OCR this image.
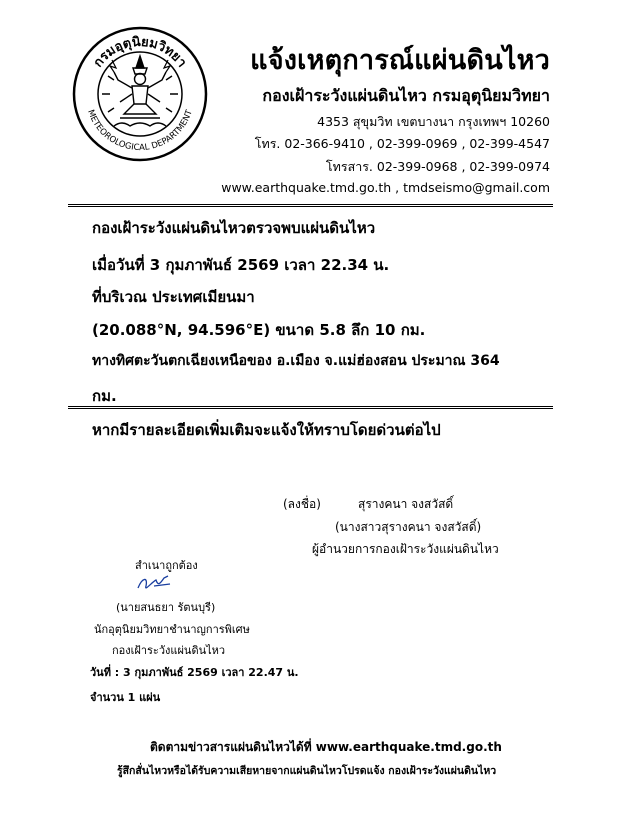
กรมอุตุนิยมวิทยา
METEOROLOGICAL DEPARTMENT
แจ้งเหตุการณ์แผ่นดินไหว
กองเฝ้าระวังแผ่นดินไหว กรมอุตุนิยมวิทยา
4353 สุขุมวิท เขตบางนา กรุงเทพฯ 10260
โทร. 02-366-9410 , 02-399-0969 , 02-399-4547
โทรสาร. 02-399-0968 , 02-399-0974
www.earthquake.tmd.go.th , tmdseismo@gmail.com
กองเฝ้าระวังแผ่นดินไหวตรวจพบแผ่นดินไหว
เมื่อวันที่ 3 กุมภาพันธ์ 2569 เวลา 22.34 น.
ที่บริเวณ ประเทศเมียนมา
(20.088°N, 94.596°E) ขนาด 5.8 ลึก 10 กม.
ทางทิศตะวันตกเฉียงเหนือของ อ.เมือง จ.แม่ฮ่องสอน ประมาณ 364
กม.
หากมีรายละเอียดเพิ่มเติมจะแจ้งให้ทราบโดยด่วนต่อไป
(ลงชื่อ)	สุรางคนา จงสวัสดิ์
(นางสาวสุรางคนา จงสวัสดิ์)
ผู้อำนวยการกองเฝ้าระวังแผ่นดินไหว
สำเนาถูกต้อง
(นายสนธยา รัตนบุรี)
นักอุตุนิยมวิทยาชำนาญการพิเศษ
กองเฝ้าระวังแผ่นดินไหว
วันที่ : 3 กุมภาพันธ์ 2569 เวลา 22.47 น.
จำนวน 1 แผ่น
ติดตามข่าวสารแผ่นดินไหวได้ที่ www.earthquake.tmd.go.th
รู้สึกสั่นไหวหรือได้รับความเสียหายจากแผ่นดินไหวโปรดแจ้ง กองเฝ้าระวังแผ่นดินไหว
